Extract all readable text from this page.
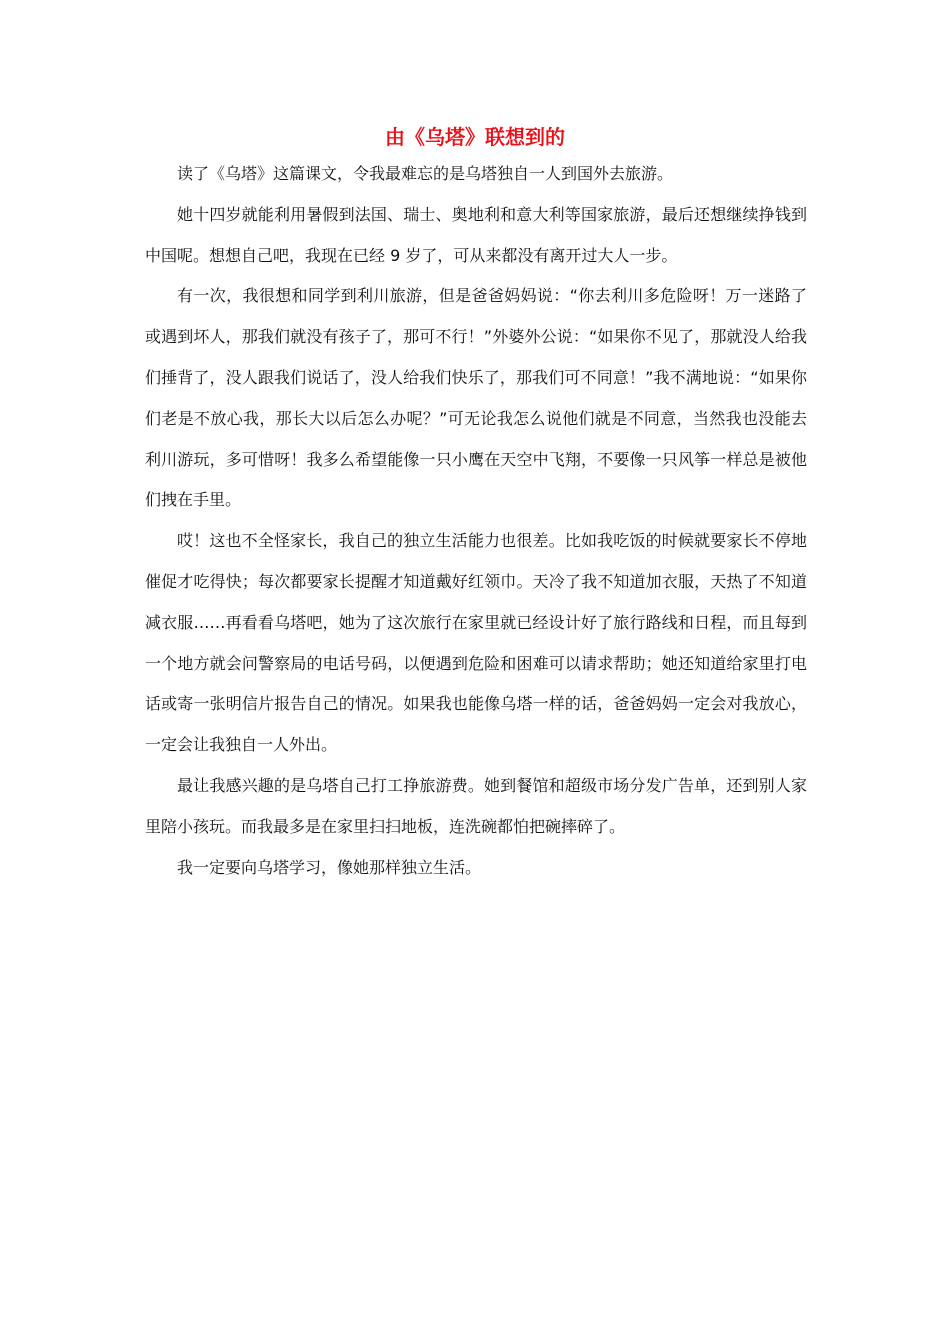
由《乌塔》联想到的

读了《乌塔》这篇课文，令我最难忘的是乌塔独自一人到国外去旅游。

她十四岁就能利用暑假到法国、瑞士、奥地利和意大利等国家旅游，最后还想继续挣钱到中国呢。想想自己吧，我现在已经 9 岁了，可从来都没有离开过大人一步。

有一次，我很想和同学到利川旅游，但是爸爸妈妈说：“你去利川多危险呀！万一迷路了或遇到坏人，那我们就没有孩子了，那可不行！”外婆外公说：“如果你不见了，那就没人给我们捶背了，没人跟我们说话了，没人给我们快乐了，那我们可不同意！”我不满地说：“如果你们老是不放心我，那长大以后怎么办呢？”可无论我怎么说他们就是不同意，当然我也没能去利川游玩，多可惜呀！我多么希望能像一只小鹰在天空中飞翔，不要像一只风筝一样总是被他们拽在手里。

哎！这也不全怪家长，我自己的独立生活能力也很差。比如我吃饭的时候就要家长不停地催促才吃得快；每次都要家长提醒才知道戴好红领巾。天冷了我不知道加衣服，天热了不知道减衣服……再看看乌塔吧，她为了这次旅行在家里就已经设计好了旅行路线和日程，而且每到一个地方就会问警察局的电话号码，以便遇到危险和困难可以请求帮助；她还知道给家里打电话或寄一张明信片报告自己的情况。如果我也能像乌塔一样的话，爸爸妈妈一定会对我放心，一定会让我独自一人外出。

最让我感兴趣的是乌塔自己打工挣旅游费。她到餐馆和超级市场分发广告单，还到别人家里陪小孩玩。而我最多是在家里扫扫地板，连洗碗都怕把碗摔碎了。

我一定要向乌塔学习，像她那样独立生活。
